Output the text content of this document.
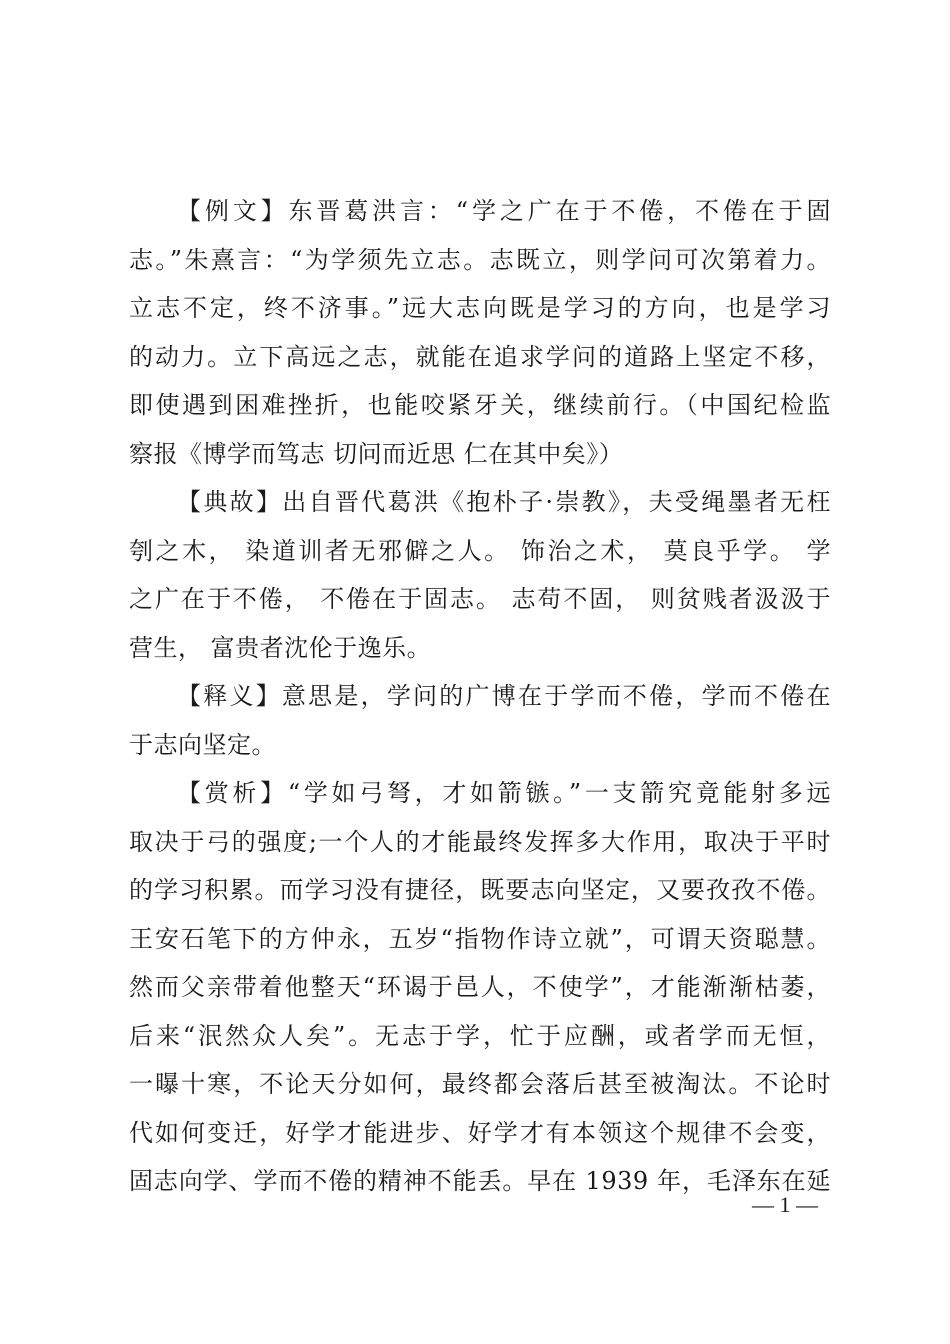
【例文】东晋葛洪言：“学之广在于不倦，不倦在于固
志。”朱熹言：“为学须先立志。志既立，则学问可次第着力。
立志不定，终不济事。”远大志向既是学习的方向，也是学习
的动力。立下高远之志，就能在追求学问的道路上坚定不移，
即使遇到困难挫折，也能咬紧牙关，继续前行。（中国纪检监
察报《博学而笃志 切问而近思 仁在其中矣》）
【典故】出自晋代葛洪《抱朴子·崇教》，夫受绳墨者无枉
刳之木， 染道训者无邪僻之人。 饰治之术， 莫良乎学。 学
之广在于不倦， 不倦在于固志。 志苟不固， 则贫贱者汲汲于
营生， 富贵者沈伦于逸乐。
【释义】意思是，学问的广博在于学而不倦，学而不倦在
于志向坚定。
【赏析】“学如弓弩，才如箭镞。”一支箭究竟能射多远
取决于弓的强度;一个人的才能最终发挥多大作用，取决于平时
的学习积累。而学习没有捷径，既要志向坚定，又要孜孜不倦。
王安石笔下的方仲永，五岁“指物作诗立就”，可谓天资聪慧。
然而父亲带着他整天“环谒于邑人，不使学”，才能渐渐枯萎，
后来“泯然众人矣”。无志于学，忙于应酬，或者学而无恒，
一曝十寒，不论天分如何，最终都会落后甚至被淘汰。不论时
代如何变迁，好学才能进步、好学才有本领这个规律不会变，
固志向学、学而不倦的精神不能丢。早在 1939 年，毛泽东在延
— 1 —
